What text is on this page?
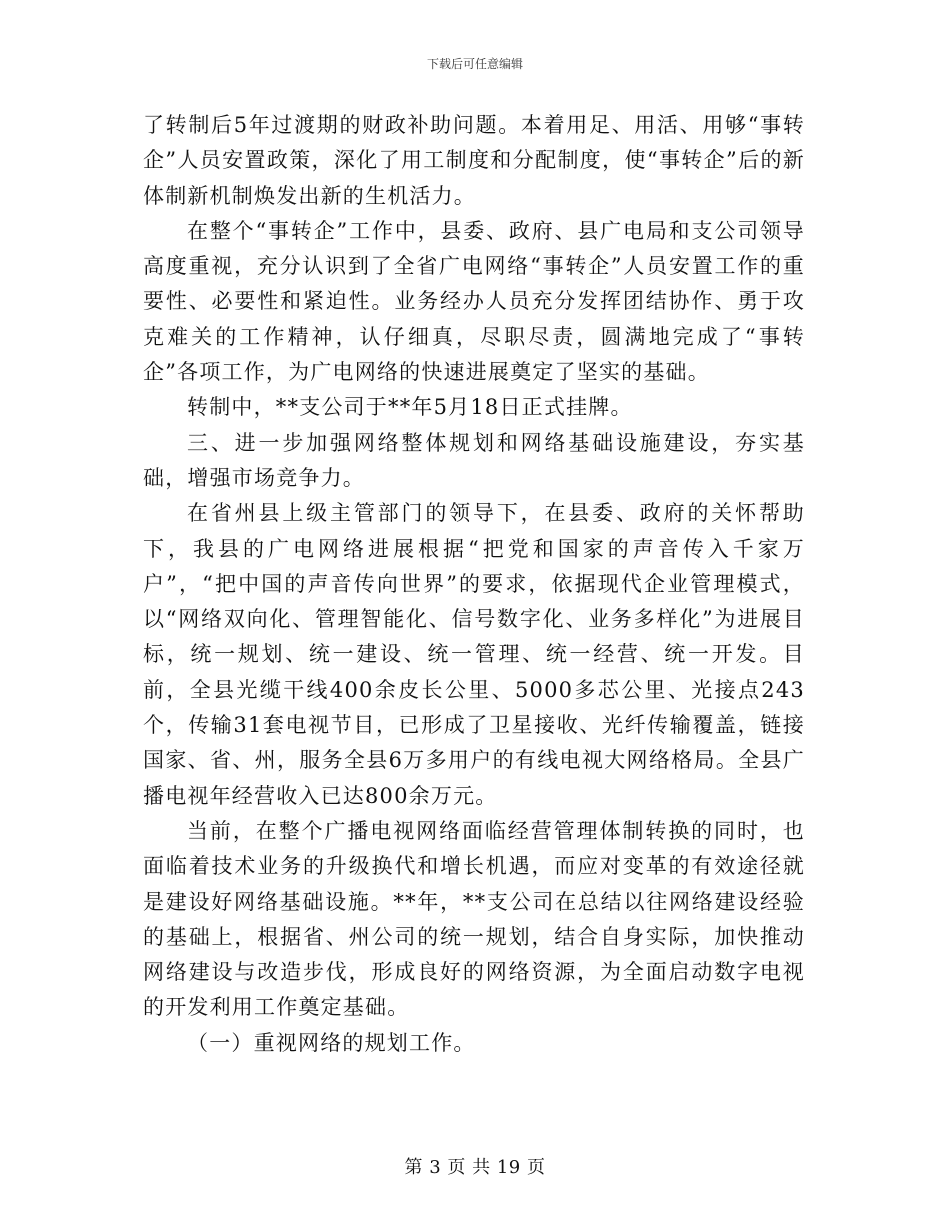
下载后可任意编辑

了转制后5年过渡期的财政补助问题。本着用足、用活、用够“事转企”人员安置政策，深化了用工制度和分配制度，使“事转企”后的新体制新机制焕发出新的生机活力。

在整个“事转企”工作中，县委、政府、县广电局和支公司领导高度重视，充分认识到了全省广电网络“事转企”人员安置工作的重要性、必要性和紧迫性。业务经办人员充分发挥团结协作、勇于攻克难关的工作精神，认仔细真，尽职尽责，圆满地完成了“事转企”各项工作，为广电网络的快速进展奠定了坚实的基础。

转制中，**支公司于**年5月18日正式挂牌。

三、进一步加强网络整体规划和网络基础设施建设，夯实基础，增强市场竞争力。

在省州县上级主管部门的领导下，在县委、政府的关怀帮助下，我县的广电网络进展根据“把党和国家的声音传入千家万户”，“把中国的声音传向世界”的要求，依据现代企业管理模式，以“网络双向化、管理智能化、信号数字化、业务多样化”为进展目标，统一规划、统一建设、统一管理、统一经营、统一开发。目前，全县光缆干线400余皮长公里、5000多芯公里、光接点243个，传输31套电视节目，已形成了卫星接收、光纤传输覆盖，链接国家、省、州，服务全县6万多用户的有线电视大网络格局。全县广播电视年经营收入已达800余万元。

当前，在整个广播电视网络面临经营管理体制转换的同时，也面临着技术业务的升级换代和增长机遇，而应对变革的有效途径就是建设好网络基础设施。**年，**支公司在总结以往网络建设经验的基础上，根据省、州公司的统一规划，结合自身实际，加快推动网络建设与改造步伐，形成良好的网络资源，为全面启动数字电视的开发利用工作奠定基础。

（一）重视网络的规划工作。

第 3 页 共 19 页
